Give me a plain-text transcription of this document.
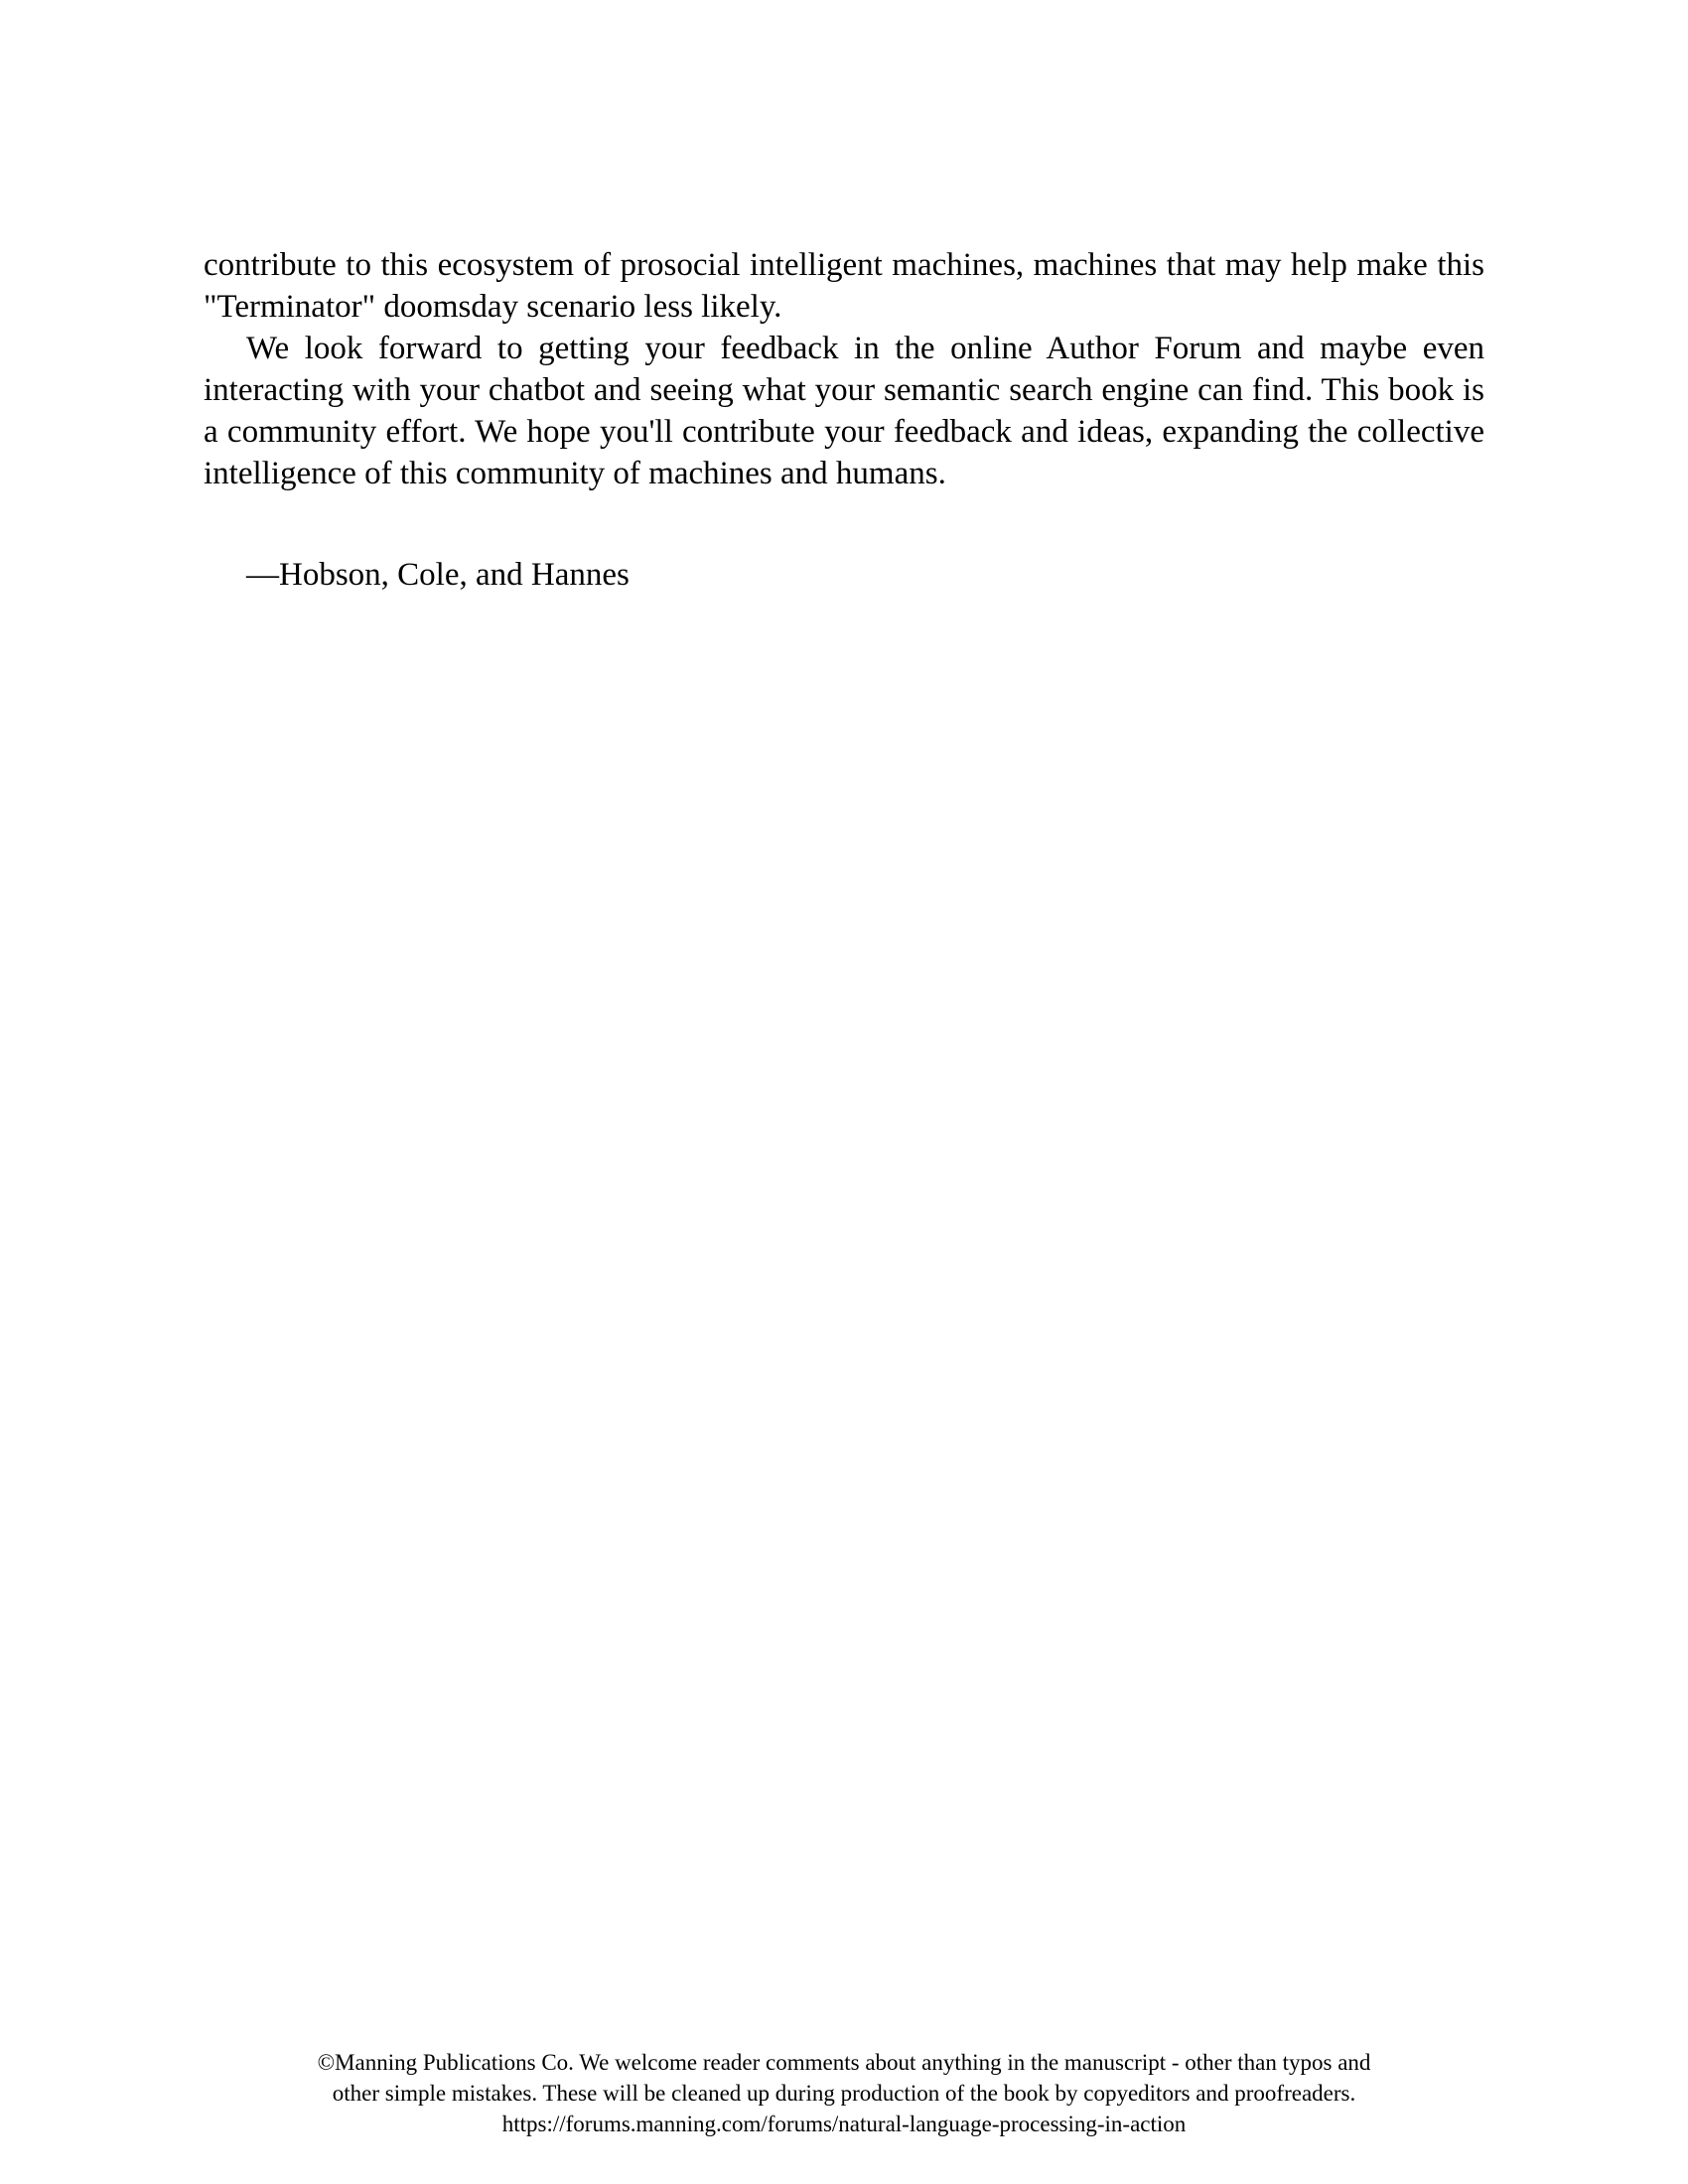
contribute to this ecosystem of prosocial intelligent machines, machines that may help make this "Terminator" doomsday scenario less likely.

We look forward to getting your feedback in the online Author Forum and maybe even interacting with your chatbot and seeing what your semantic search engine can find. This book is a community effort. We hope you'll contribute your feedback and ideas, expanding the collective intelligence of this community of machines and humans.

—Hobson, Cole, and Hannes

©Manning Publications Co. We welcome reader comments about anything in the manuscript - other than typos and
other simple mistakes. These will be cleaned up during production of the book by copyeditors and proofreaders.
https://forums.manning.com/forums/natural-language-processing-in-action
